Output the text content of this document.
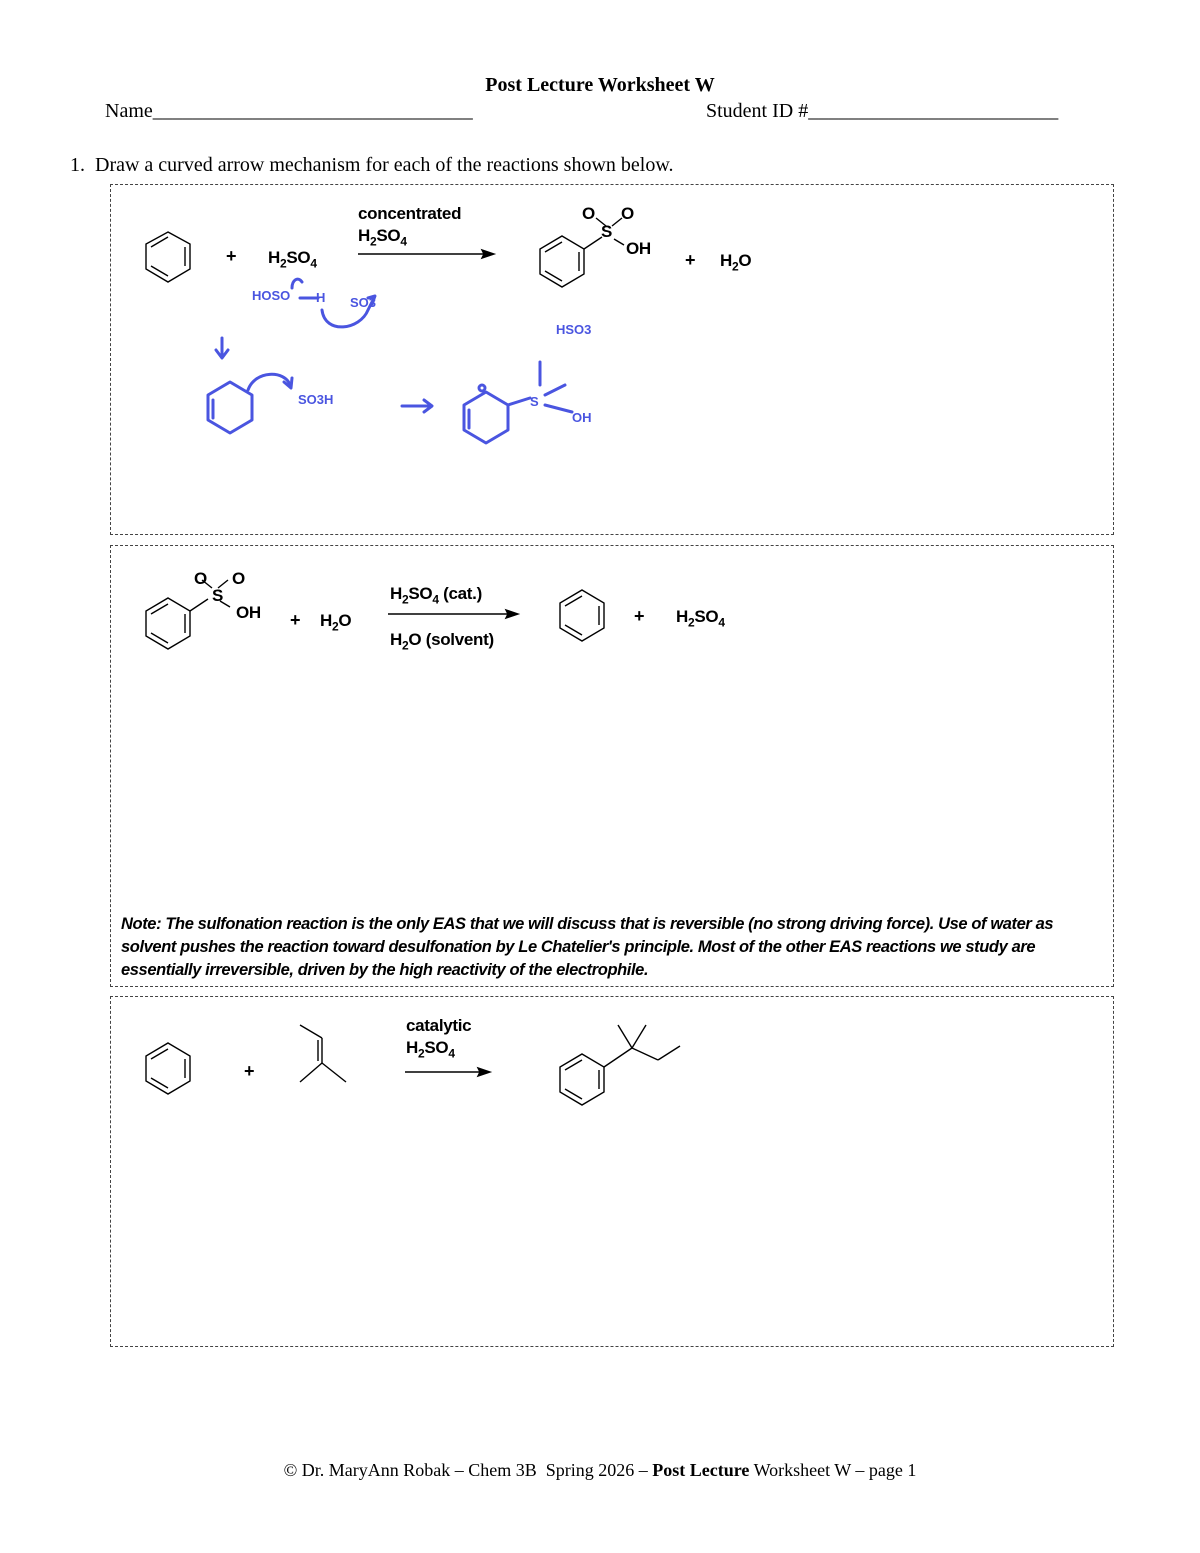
Post Lecture Worksheet W
Name________________________________	Student ID #_________________________
1. Draw a curved arrow mechanism for each of the reactions shown below.
HOSO H SO3
HSO3
SO3H	S
OH
+ $H_2SO_4$
concentrated
$H_2SO_4$
O O
S
OH
+ $H_2O$
O O
S
OH + $H_2O$
$H_2SO_4$ (cat.)
$H_2O$ (solvent)
+ $H_2SO_4$
Note: The sulfonation reaction is the only EAS that we will discuss that is reversible (no strong driving force). Use of water as solvent pushes the reaction toward desulfonation by Le Chatelier's principle. Most of the other EAS reactions we study are essentially irreversible, driven by the high reactivity of the electrophile.
+
catalytic
$H_2SO_4$
© Dr. MaryAnn Robak – Chem 3B  Spring 2026 – Post Lecture Worksheet W – page 1
